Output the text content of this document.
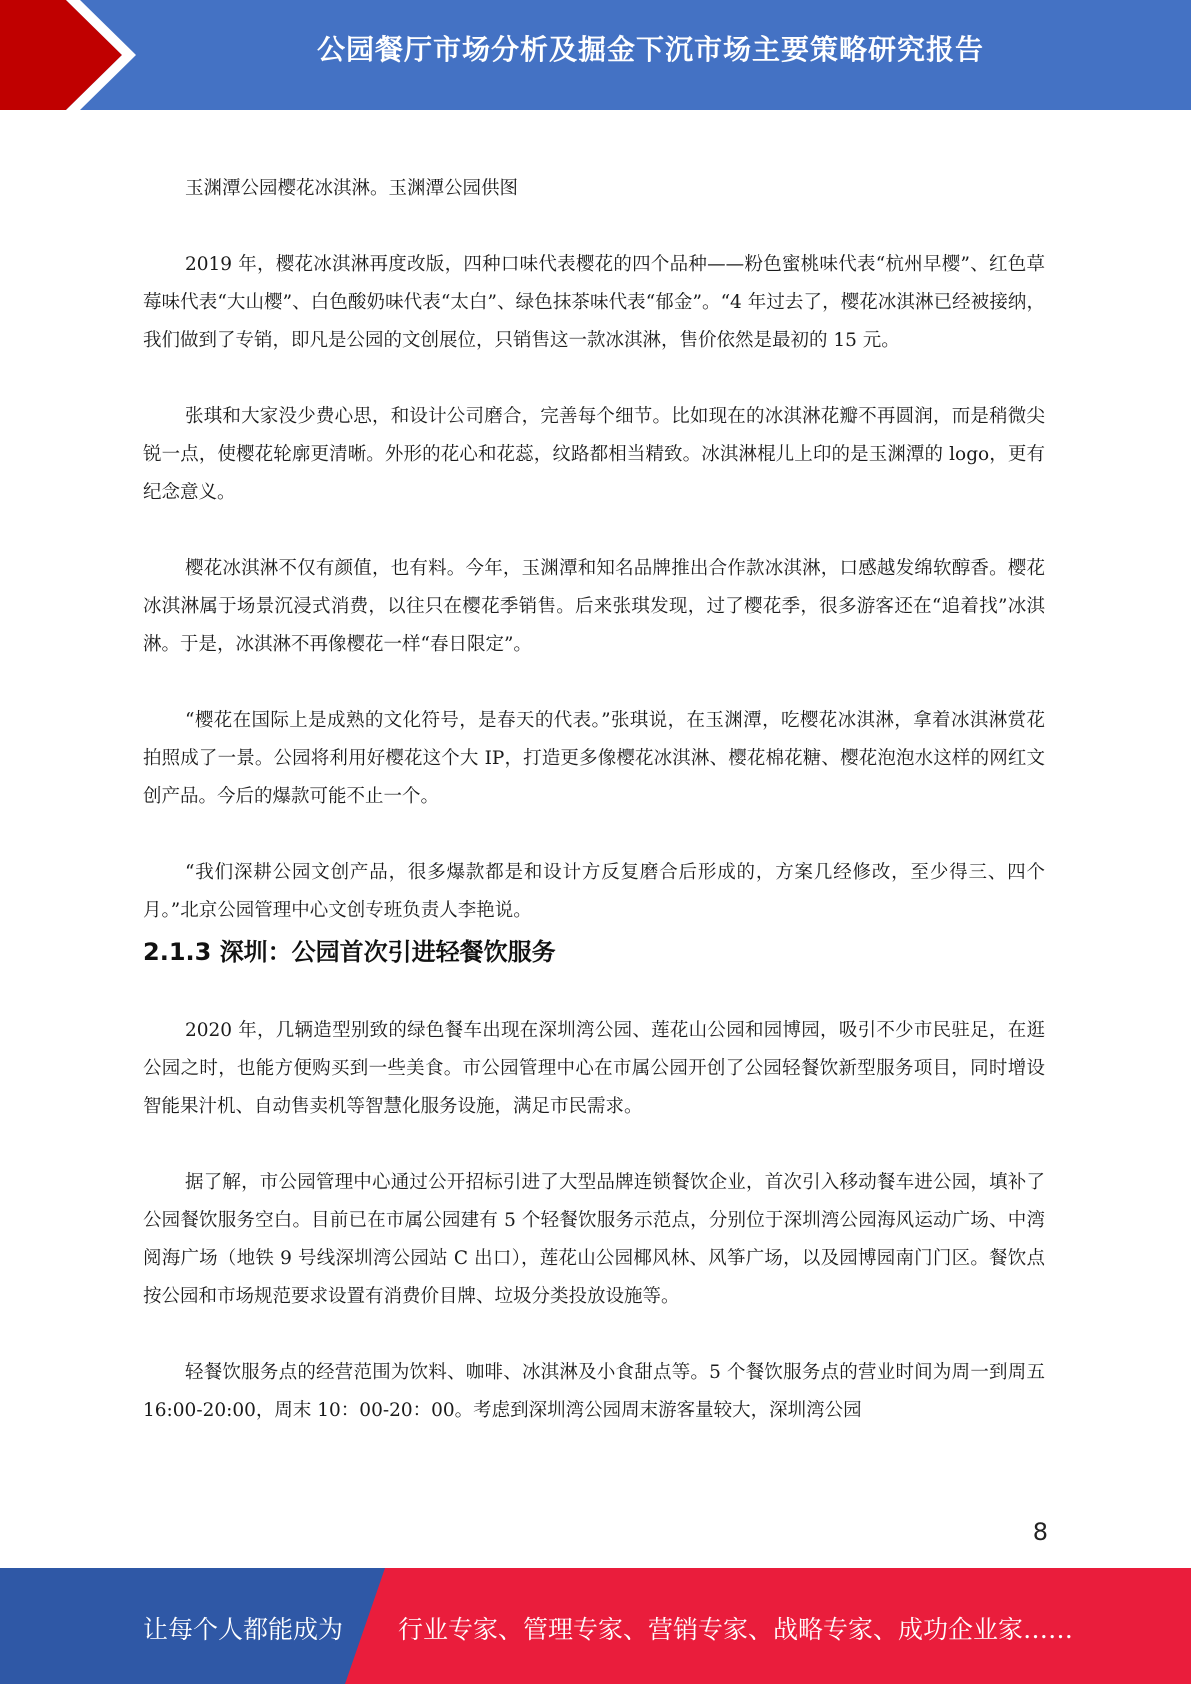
公园餐厅市场分析及掘金下沉市场主要策略研究报告

玉渊潭公园樱花冰淇淋。玉渊潭公园供图

2019 年，樱花冰淇淋再度改版，四种口味代表樱花的四个品种——粉色蜜桃味代表“杭州早樱”、红色草莓味代表“大山樱”、白色酸奶味代表“太白”、绿色抹茶味代表“郁金”。“4 年过去了，樱花冰淇淋已经被接纳，我们做到了专销，即凡是公园的文创展位，只销售这一款冰淇淋，售价依然是最初的 15 元。

张琪和大家没少费心思，和设计公司磨合，完善每个细节。比如现在的冰淇淋花瓣不再圆润，而是稍微尖锐一点，使樱花轮廓更清晰。外形的花心和花蕊，纹路都相当精致。冰淇淋棍儿上印的是玉渊潭的 logo，更有纪念意义。

樱花冰淇淋不仅有颜值，也有料。今年，玉渊潭和知名品牌推出合作款冰淇淋，口感越发绵软醇香。樱花冰淇淋属于场景沉浸式消费，以往只在樱花季销售。后来张琪发现，过了樱花季，很多游客还在“追着找”冰淇淋。于是，冰淇淋不再像樱花一样“春日限定”。

“樱花在国际上是成熟的文化符号，是春天的代表。”张琪说，在玉渊潭，吃樱花冰淇淋，拿着冰淇淋赏花拍照成了一景。公园将利用好樱花这个大 IP，打造更多像樱花冰淇淋、樱花棉花糖、樱花泡泡水这样的网红文创产品。今后的爆款可能不止一个。

“我们深耕公园文创产品，很多爆款都是和设计方反复磨合后形成的，方案几经修改，至少得三、四个月。”北京公园管理中心文创专班负责人李艳说。

2.1.3 深圳：公园首次引进轻餐饮服务

2020 年，几辆造型别致的绿色餐车出现在深圳湾公园、莲花山公园和园博园，吸引不少市民驻足，在逛公园之时，也能方便购买到一些美食。市公园管理中心在市属公园开创了公园轻餐饮新型服务项目，同时增设智能果汁机、自动售卖机等智慧化服务设施，满足市民需求。

据了解，市公园管理中心通过公开招标引进了大型品牌连锁餐饮企业，首次引入移动餐车进公园，填补了公园餐饮服务空白。目前已在市属公园建有 5 个轻餐饮服务示范点，分别位于深圳湾公园海风运动广场、中湾阅海广场（地铁 9 号线深圳湾公园站 C 出口），莲花山公园椰风林、风筝广场，以及园博园南门门区。餐饮点按公园和市场规范要求设置有消费价目牌、垃圾分类投放设施等。

轻餐饮服务点的经营范围为饮料、咖啡、冰淇淋及小食甜点等。5 个餐饮服务点的营业时间为周一到周五 16:00-20:00，周末 10：00-20：00。考虑到深圳湾公园周末游客量较大，深圳湾公园

8
让每个人都能成为 行业专家、管理专家、营销专家、战略专家、成功企业家……
